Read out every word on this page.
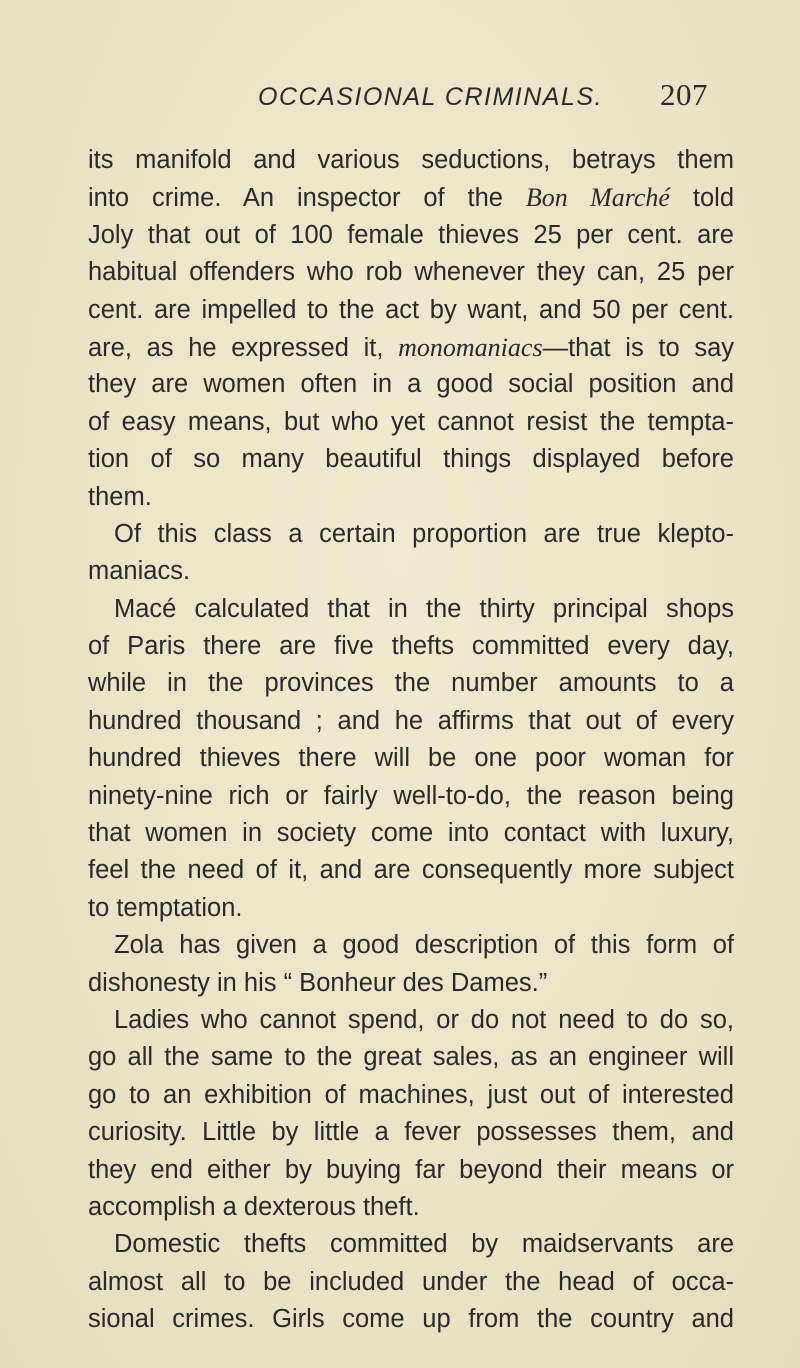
OCCASIONAL CRIMINALS.	207
its manifold and various seductions, betrays them
into crime. An inspector of the Bon Marché told
Joly that out of 100 female thieves 25 per cent. are
habitual offenders who rob whenever they can, 25 per
cent. are impelled to the act by want, and 50 per cent.
are, as he expressed it, monomaniacs—that is to say
they are women often in a good social position and
of easy means, but who yet cannot resist the tempta-
tion of so many beautiful things displayed before
them.
Of this class a certain proportion are true klepto-
maniacs.
Macé calculated that in the thirty principal shops
of Paris there are five thefts committed every day,
while in the provinces the number amounts to a
hundred thousand ; and he affirms that out of every
hundred thieves there will be one poor woman for
ninety-nine rich or fairly well-to-do, the reason being
that women in society come into contact with luxury,
feel the need of it, and are consequently more subject
to temptation.
Zola has given a good description of this form of
dishonesty in his “ Bonheur des Dames.”
Ladies who cannot spend, or do not need to do so,
go all the same to the great sales, as an engineer will
go to an exhibition of machines, just out of interested
curiosity. Little by little a fever possesses them, and
they end either by buying far beyond their means or
accomplish a dexterous theft.
Domestic thefts committed by maidservants are
almost all to be included under the head of occa-
sional crimes. Girls come up from the country and
